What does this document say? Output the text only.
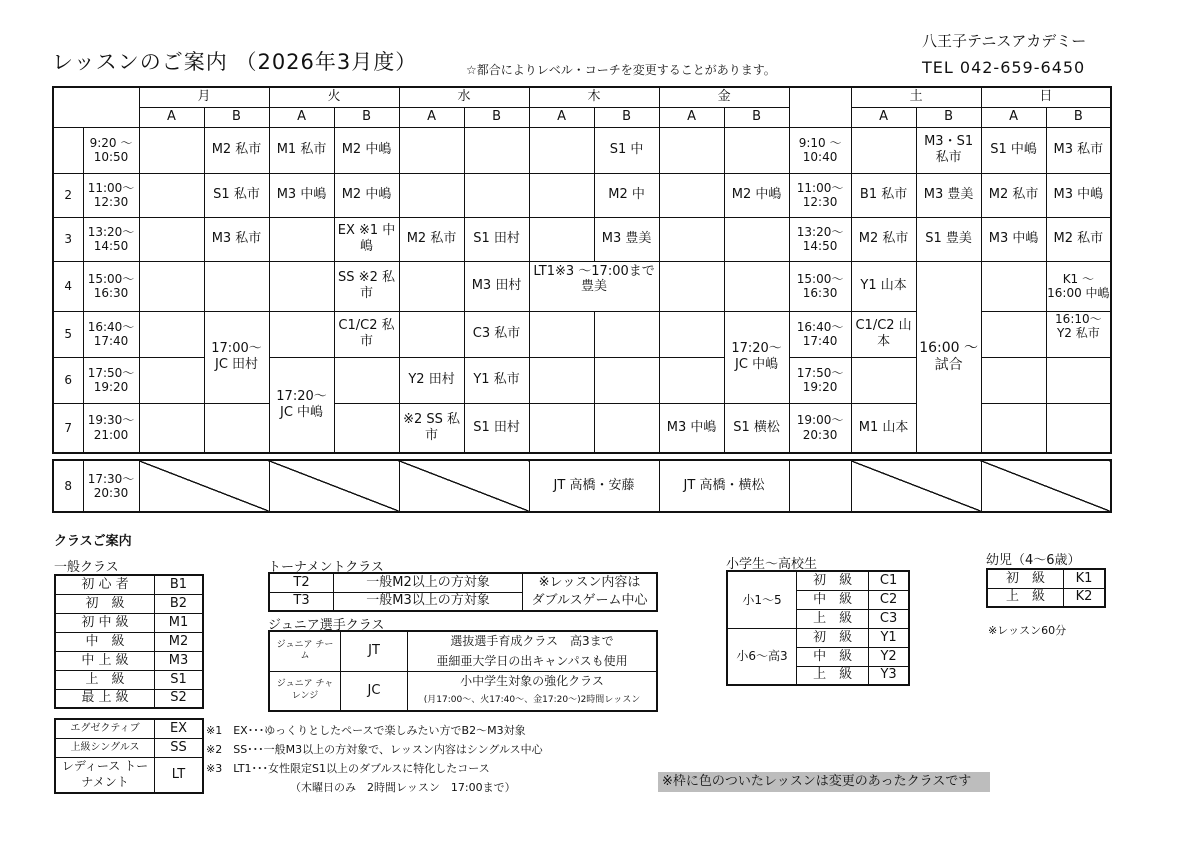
レッスンのご案内 （2026年3月度）
八王子テニスアカデミー
TEL 042-659-6450
☆都合によりレベル・コーチを変更することがあります。
		月		火		水		木		金			土		日	
		A	B	A	B	A	B	A	B	A	B		A	B	A	B
	9:20 ～ 10:50		M2 私市	M1 私市	M2 中嶋				S1 中			9:10 ～ 10:40		M3・S1 私市	S1 中嶋	M3 私市
2	11:00～ 12:30		S1 私市	M3 中嶋	M2 中嶋				M2 中		M2 中嶋	11:00～ 12:30	B1 私市	M3 豊美	M2 私市	M3 中嶋
3	13:20～ 14:50		M3 私市		EX ※1 中嶋	M2 私市	S1 田村		M3 豊美			13:20～ 14:50	M2 私市	S1 豊美	M3 中嶋	M2 私市
4	15:00～ 16:30				SS ※2 私市		M3 田村	LT1※3 ～17:00まで 豊美				15:00～ 16:30	Y1 山本	16:00 ～試合		K1 ～ 16:00 中嶋
5	16:40～ 17:40		17:00～ JC 田村		C1/C2 私市		C3 私市				17:20～ JC 中嶋	16:40～ 17:40	C1/C2 山本			16:10～ Y2 私市
6	17:50～ 19:20			17:20～ JC 中嶋		Y2 田村	Y1 私市					17:50～ 19:20				
7	19:30～ 21:00					※2 SS 私市	S1 田村			M3 中嶋	S1 横松	19:00～ 20:30	M1 山本			
8	17:30～ 20:30				JT 高橋・安藤	JT 高橋・横松			
クラスご案内
一般クラス
初 心 者	B1
初　級	B2
初 中 級	M1
中　級	M2
中 上 級	M3
上　級	S1
最 上 級	S2
エグゼクティブ	EX
上級シングルス	SS
レディース トーナメント	LT
※1　EX･･･ゆっくりとしたペースで楽しみたい方でB2～M3対象
※2　SS･･･一般M3以上の方対象で、レッスン内容はシングルス中心
※3　LT1･･･女性限定S1以上のダブルスに特化したコース
（木曜日のみ　2時間レッスン　17:00まで）
トーナメントクラス
T2	一般M2以上の方対象	※レッスン内容は
T3	一般M3以上の方対象	ダブルスゲーム中心
ジュニア選手クラス
ジュニア チーム	JT	選抜選手育成クラス　高3まで
		亜細亜大学日の出キャンパスも使用
ジュニア チャレンジ	JC	小中学生対象の強化クラス
		(月17:00～、火17:40～、金17:20～)2時間レッスン
小学生～高校生
小1～5	初　級	C1
	中　級	C2
	上　級	C3
小6～高3	初　級	Y1
	中　級	Y2
	上　級	Y3
幼児（4～6歳）
初　級	K1
上　級	K2
※レッスン60分
※枠に色のついたレッスンは変更のあったクラスです
